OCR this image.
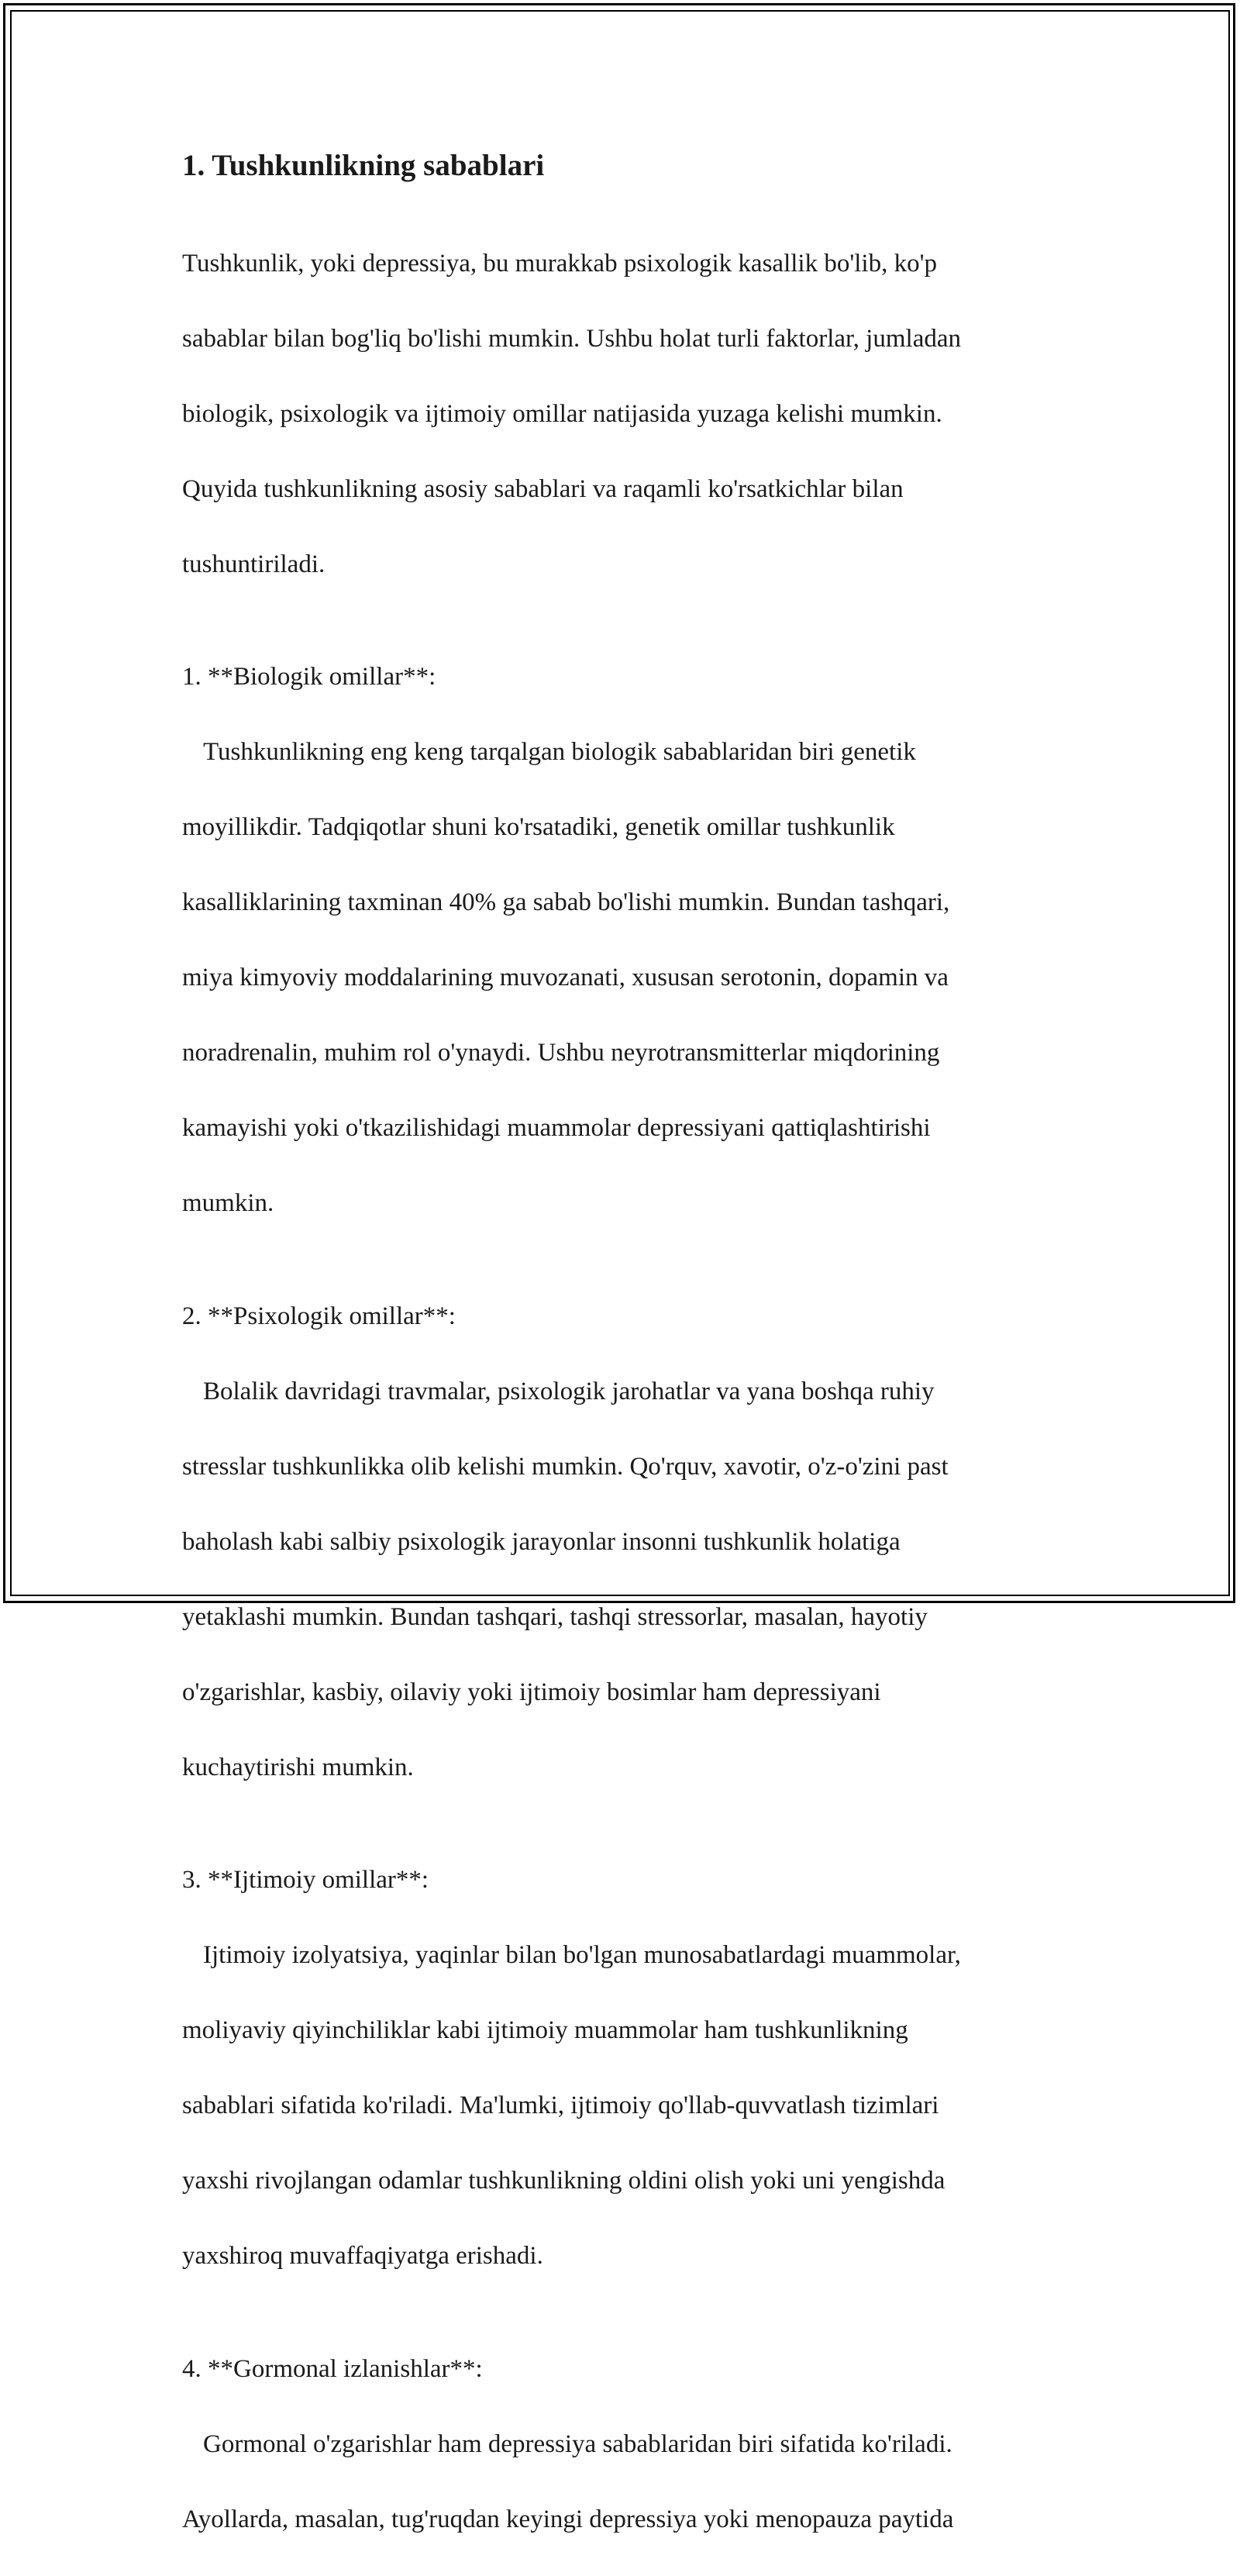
1. Tushkunlikning sabablari

Tushkunlik, yoki depressiya, bu murakkab psixologik kasallik bo'lib, ko'p

sabablar bilan bog'liq bo'lishi mumkin. Ushbu holat turli faktorlar, jumladan

biologik, psixologik va ijtimoiy omillar natijasida yuzaga kelishi mumkin.

Quyida tushkunlikning asosiy sabablari va raqamli ko'rsatkichlar bilan

tushuntiriladi.

1. **Biologik omillar**:

Tushkunlikning eng keng tarqalgan biologik sabablaridan biri genetik

moyillikdir. Tadqiqotlar shuni ko'rsatadiki, genetik omillar tushkunlik

kasalliklarining taxminan 40% ga sabab bo'lishi mumkin. Bundan tashqari,

miya kimyoviy moddalarining muvozanati, xususan serotonin, dopamin va

noradrenalin, muhim rol o'ynaydi. Ushbu neyrotransmitterlar miqdorining

kamayishi yoki o'tkazilishidagi muammolar depressiyani qattiqlashtirishi

mumkin.

2. **Psixologik omillar**:

Bolalik davridagi travmalar, psixologik jarohatlar va yana boshqa ruhiy

stresslar tushkunlikka olib kelishi mumkin. Qo'rquv, xavotir, o'z-o'zini past

baholash kabi salbiy psixologik jarayonlar insonni tushkunlik holatiga

yetaklashi mumkin. Bundan tashqari, tashqi stressorlar, masalan, hayotiy

o'zgarishlar, kasbiy, oilaviy yoki ijtimoiy bosimlar ham depressiyani

kuchaytirishi mumkin.

3. **Ijtimoiy omillar**:

Ijtimoiy izolyatsiya, yaqinlar bilan bo'lgan munosabatlardagi muammolar,

moliyaviy qiyinchiliklar kabi ijtimoiy muammolar ham tushkunlikning

sabablari sifatida ko'riladi. Ma'lumki, ijtimoiy qo'llab-quvvatlash tizimlari

yaxshi rivojlangan odamlar tushkunlikning oldini olish yoki uni yengishda

yaxshiroq muvaffaqiyatga erishadi.

4. **Gormonal izlanishlar**:

Gormonal o'zgarishlar ham depressiya sabablaridan biri sifatida ko'riladi.

Ayollarda, masalan, tug'ruqdan keyingi depressiya yoki menopauza paytida
